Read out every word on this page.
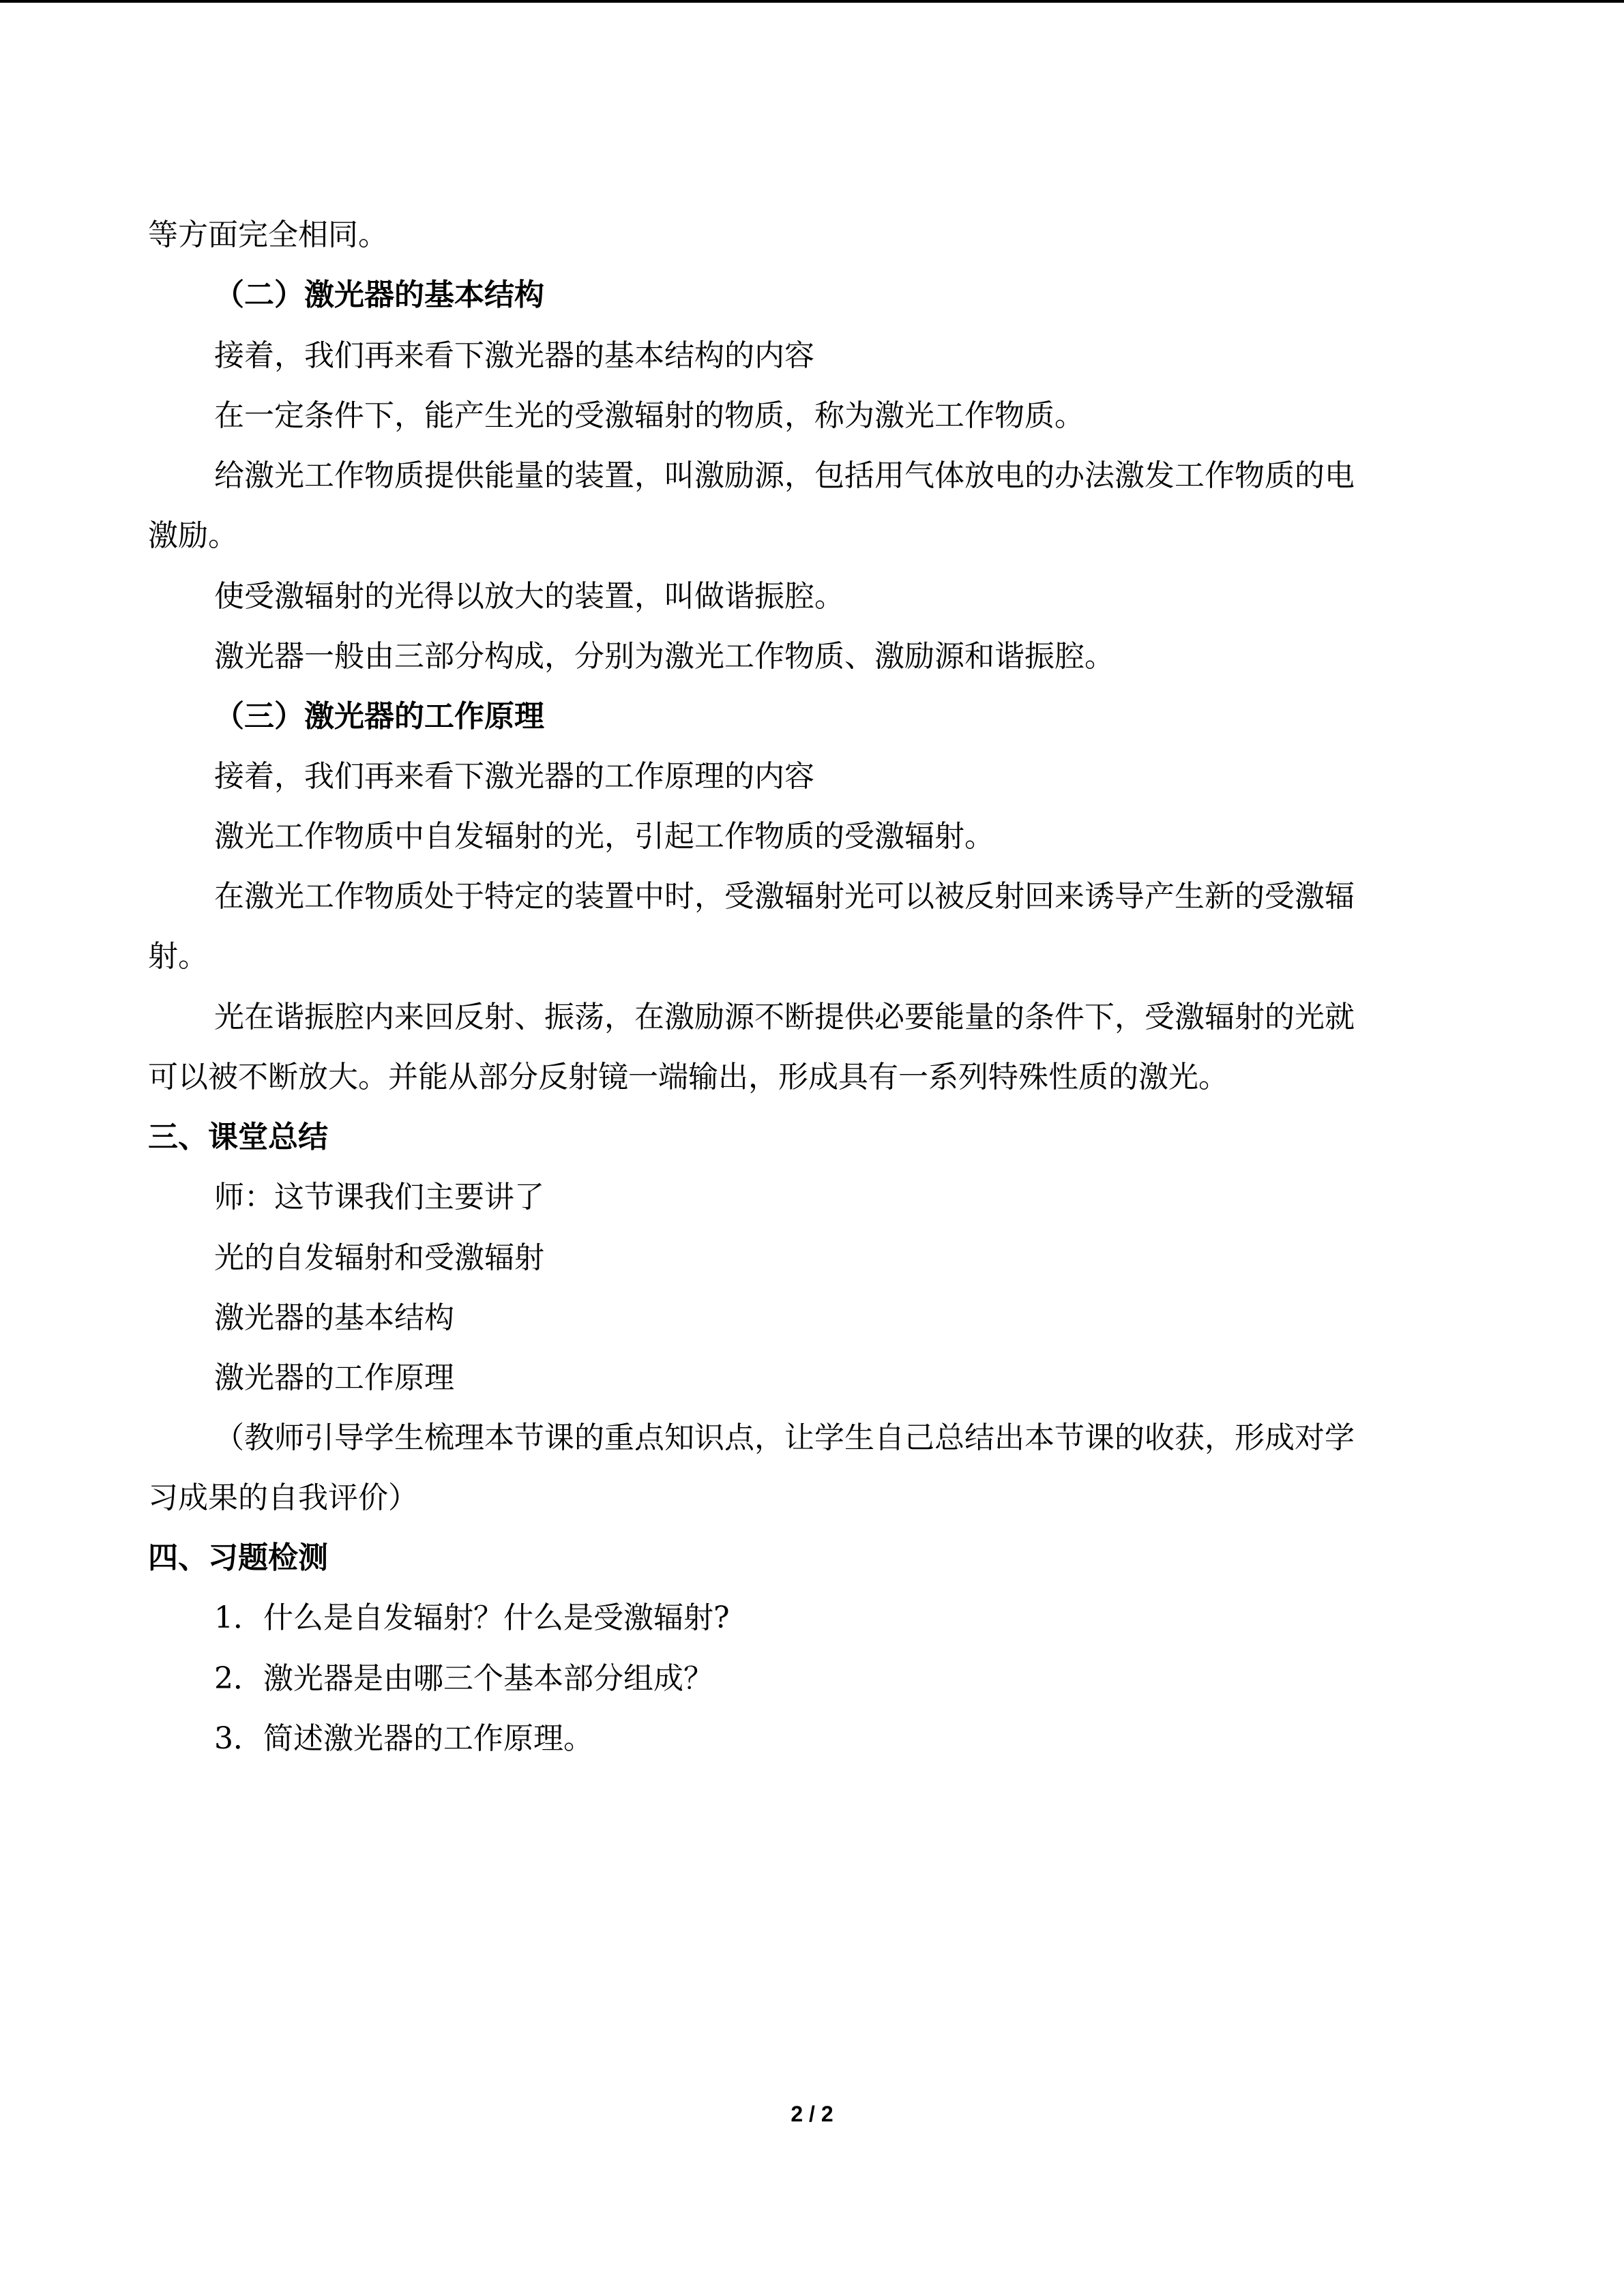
等方面完全相同。
（二）激光器的基本结构
接着，我们再来看下激光器的基本结构的内容
在一定条件下，能产生光的受激辐射的物质，称为激光工作物质。
给激光工作物质提供能量的装置，叫激励源，包括用气体放电的办法激发工作物质的电
激励。
使受激辐射的光得以放大的装置，叫做谐振腔。
激光器一般由三部分构成，分别为激光工作物质、激励源和谐振腔。
（三）激光器的工作原理
接着，我们再来看下激光器的工作原理的内容
激光工作物质中自发辐射的光，引起工作物质的受激辐射。
在激光工作物质处于特定的装置中时，受激辐射光可以被反射回来诱导产生新的受激辐
射。
光在谐振腔内来回反射、振荡，在激励源不断提供必要能量的条件下，受激辐射的光就
可以被不断放大。并能从部分反射镜一端输出，形成具有一系列特殊性质的激光。
三、课堂总结
师：这节课我们主要讲了
光的自发辐射和受激辐射
激光器的基本结构
激光器的工作原理
（教师引导学生梳理本节课的重点知识点，让学生自己总结出本节课的收获，形成对学
习成果的自我评价）
四、习题检测
1．什么是自发辐射？什么是受激辐射?
2．激光器是由哪三个基本部分组成？
3．简述激光器的工作原理。
2 / 2
